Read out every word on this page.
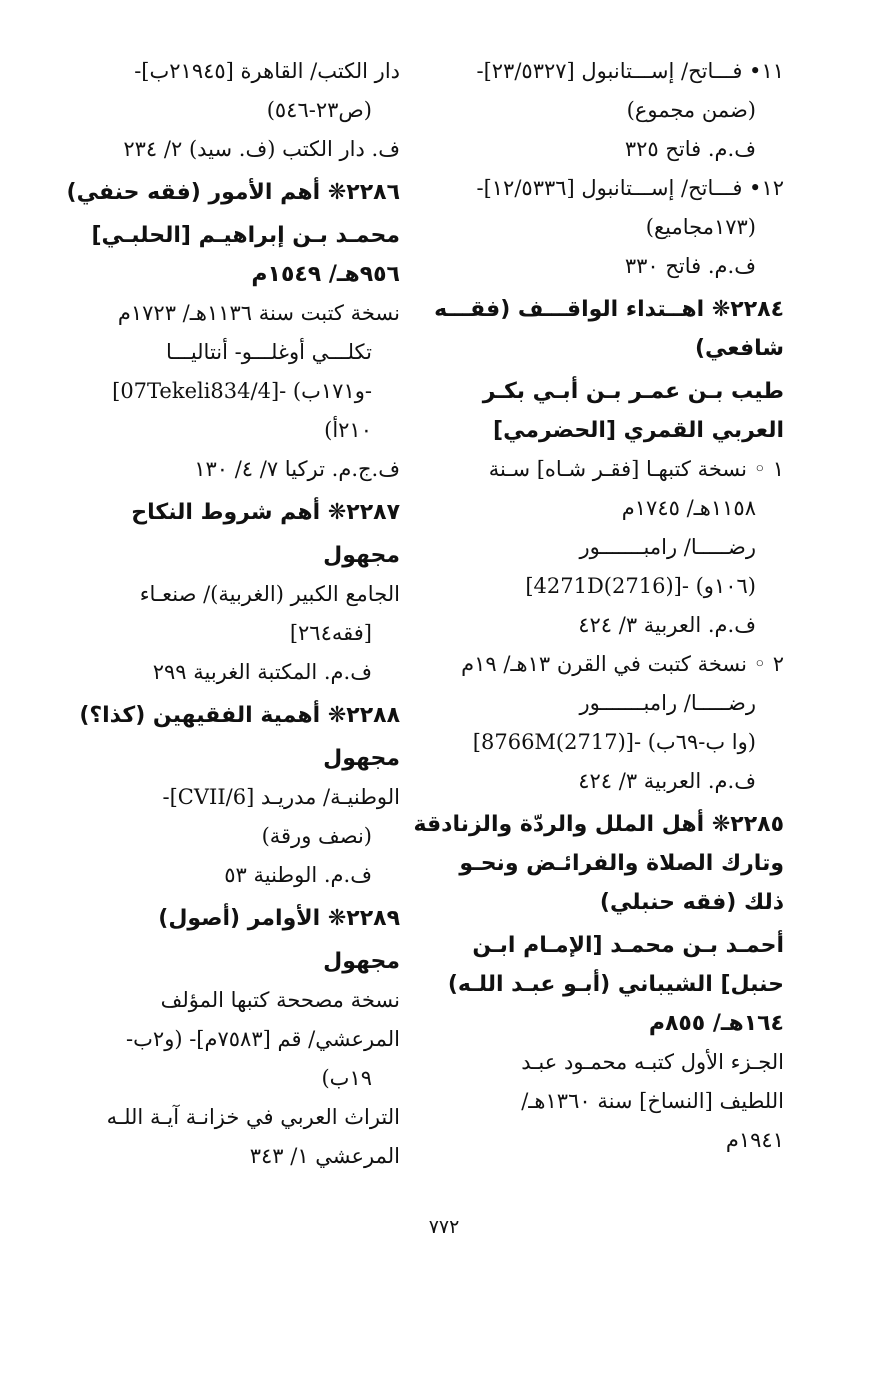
١١• فـــاتح/ إســـتانبول [٢٣/٥٣٢٧]-
(ضمن مجموع)
ف.م. فاتح ٣٢٥
١٢• فـــاتح/ إســـتانبول [١٢/٥٣٣٦]-
(١٧٣مجاميع)
ف.م. فاتح ٣٣٠
٢٢٨٤❋ اهــتداء الواقـــف (فقـــه
شافعي)
طيب بـن عمـر بـن أبـي بكـر
العربي القمري [الحضرمي]
١ ◦ نسخة كتبهـا [فقـر شـاه] سـنة
١١٥٨هـ/ ١٧٤٥م
رضـــــا/ رامبـــــــور
[4271D(2716)]- (١٠٦و)
ف.م. العربية ٣/ ٤٢٤
٢ ◦ نسخة كتبت في القرن ١٣هـ/ ١٩م
رضـــــا/ رامبـــــــور
[8766M(2717)]- (وا ب-٦٩ب)
ف.م. العربية ٣/ ٤٢٤
٢٢٨٥❋ أهل الملل والردّة والزنادقة
وتارك الصلاة والفرائـض ونحـو
ذلك (فقه حنبلي)
أحمـد بـن محمـد [الإمـام ابـن
حنبل] الشيباني (أبـو عبـد اللـه)
١٦٤هـ/ ٨٥٥م
الجـزء الأول كتبـه محمـود عبـد
اللطيف [النساخ] سنة ١٣٦٠هـ/
١٩٤١م
دار الكتب/ القاهرة [٢١٩٤٥ب]-
(ص٢٣-٥٤٦)
ف. دار الكتب (ف. سيد) ٢/ ٢٣٤
٢٢٨٦❋ أهم الأمور (فقه حنفي)
محمـد بـن إبراهيـم [الحلبـي]
٩٥٦هـ/ ١٥٤٩م
نسخة كتبت سنة ١١٣٦هـ/ ١٧٢٣م
تكلـــي أوغلـــو- أنتاليـــا
[07Tekeli834/4]- (و١٧١ب-
٢١٠أ)
ف.ج.م. تركيا ٧/ ٤/ ١٣٠
٢٢٨٧❋ أهم شروط النكاح
مجهول
الجامع الكبير (الغربية)/ صنعـاء
[فقه٢٦٤]
ف.م. المكتبة الغربية ٢٩٩
٢٢٨٨❋ أهمية الفقيهين (كذا؟)
مجهول
الوطنيـة/ مدريـد [CVII/6]-
(نصف ورقة)
ف.م. الوطنية ٥٣
٢٢٨٩❋ الأوامر (أصول)
مجهول
نسخة مصححة كتبها المؤلف
المرعشي/ قم [٧٥٨٣م]- (و٢ب-
١٩ب)
التراث العربي في خزانـة آيـة اللـه
المرعشي ١/ ٣٤٣
٧٧٢
